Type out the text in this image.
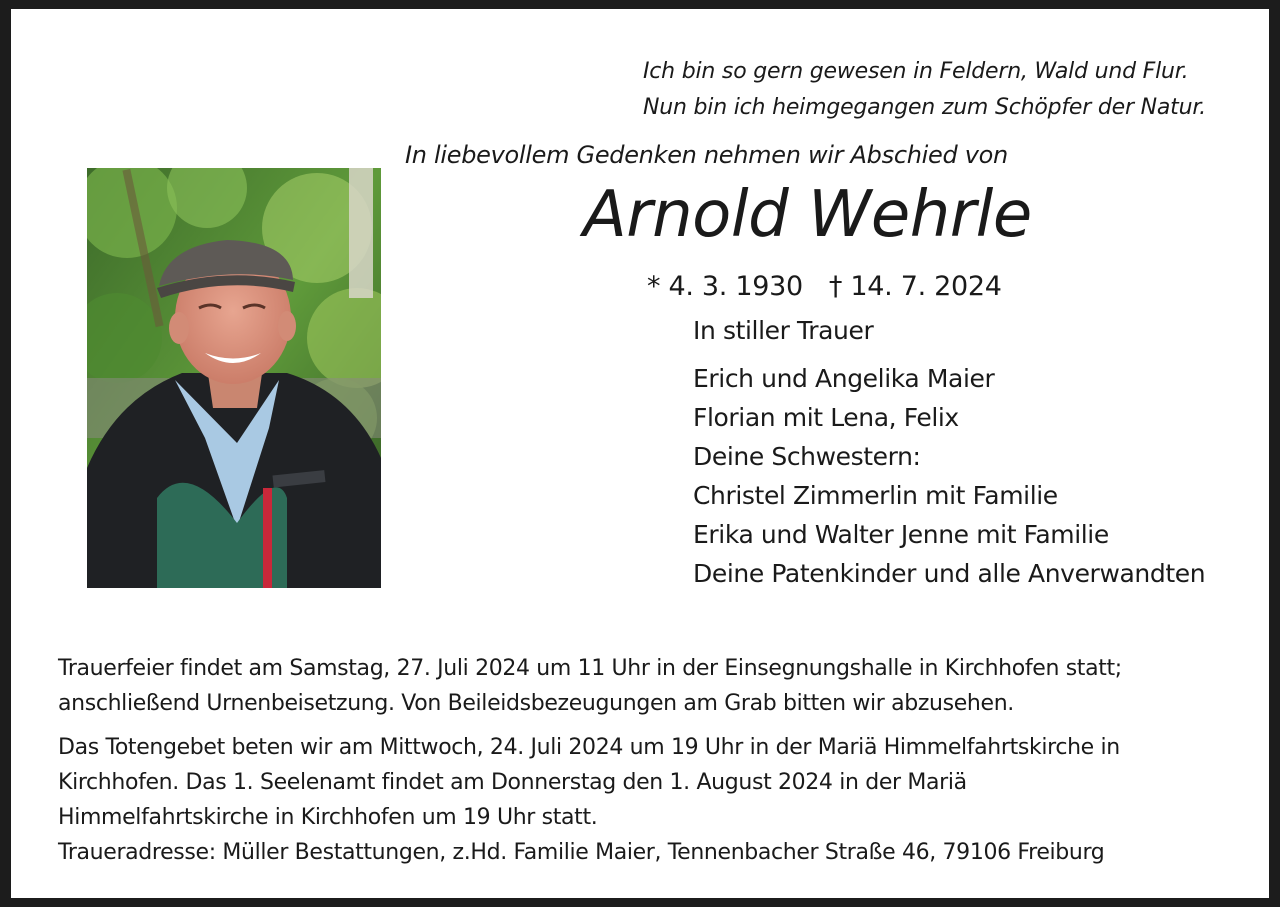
Ich bin so gern gewesen in Feldern, Wald und Flur.
Nun bin ich heimgegangen zum Schöpfer der Natur.
In liebevollem Gedenken nehmen wir Abschied von
Arnold Wehrle
* 4. 3. 1930 † 14. 7. 2024
In stiller Trauer
Erich und Angelika Maier
Florian mit Lena, Felix
Deine Schwestern:
Christel Zimmerlin mit Familie
Erika und Walter Jenne mit Familie
Deine Patenkinder und alle Anverwandten
Trauerfeier findet am Samstag, 27. Juli 2024 um 11 Uhr in der Einsegnungshalle in Kirchhofen statt;
anschließend Urnenbeisetzung. Von Beileidsbezeugungen am Grab bitten wir abzusehen.
Das Totengebet beten wir am Mittwoch, 24. Juli 2024 um 19 Uhr in der Mariä Himmelfahrtskirche in
Kirchhofen. Das 1. Seelenamt findet am Donnerstag den 1. August 2024 in der Mariä
Himmelfahrtskirche in Kirchhofen um 19 Uhr statt.
Traueradresse: Müller Bestattungen, z.Hd. Familie Maier, Tennenbacher Straße 46, 79106 Freiburg
